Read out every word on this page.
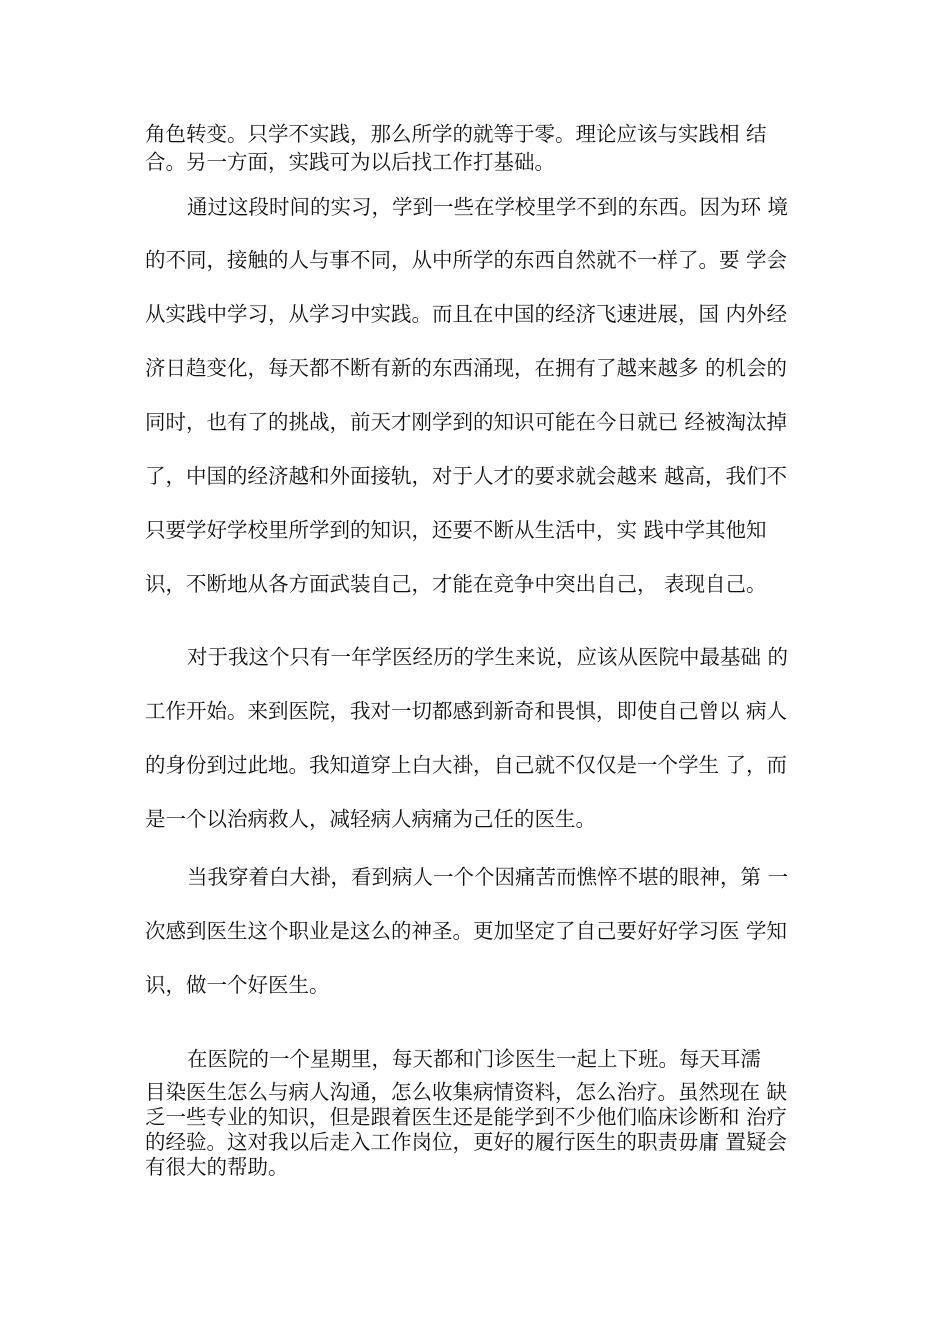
角色转变。只学不实践，那么所学的就等于零。理论应该与实践相 结
合。另一方面，实践可为以后找工作打基础。
通过这段时间的实习，学到一些在学校里学不到的东西。因为环 境
的不同，接触的人与事不同，从中所学的东西自然就不一样了。要 学会
从实践中学习，从学习中实践。而且在中国的经济飞速进展，国 内外经
济日趋变化，每天都不断有新的东西涌现，在拥有了越来越多 的机会的
同时，也有了的挑战，前天才刚学到的知识可能在今日就已 经被淘汰掉
了，中国的经济越和外面接轨，对于人才的要求就会越来 越高，我们不
只要学好学校里所学到的知识，还要不断从生活中，实 践中学其他知
识，不断地从各方面武装自己，才能在竞争中突出自己， 表现自己。
对于我这个只有一年学医经历的学生来说，应该从医院中最基础 的
工作开始。来到医院，我对一切都感到新奇和畏惧，即使自己曾以 病人
的身份到过此地。我知道穿上白大褂，自己就不仅仅是一个学生 了，而
是一个以治病救人，减轻病人病痛为己任的医生。
当我穿着白大褂，看到病人一个个因痛苦而憔悴不堪的眼神，第 一
次感到医生这个职业是这么的神圣。更加坚定了自己要好好学习医 学知
识，做一个好医生。
在医院的一个星期里，每天都和门诊医生一起上下班。每天耳濡
目染医生怎么与病人沟通，怎么收集病情资料，怎么治疗。虽然现在 缺
乏一些专业的知识，但是跟着医生还是能学到不少他们临床诊断和 治疗
的经验。这对我以后走入工作岗位，更好的履行医生的职责毋庸 置疑会
有很大的帮助。
